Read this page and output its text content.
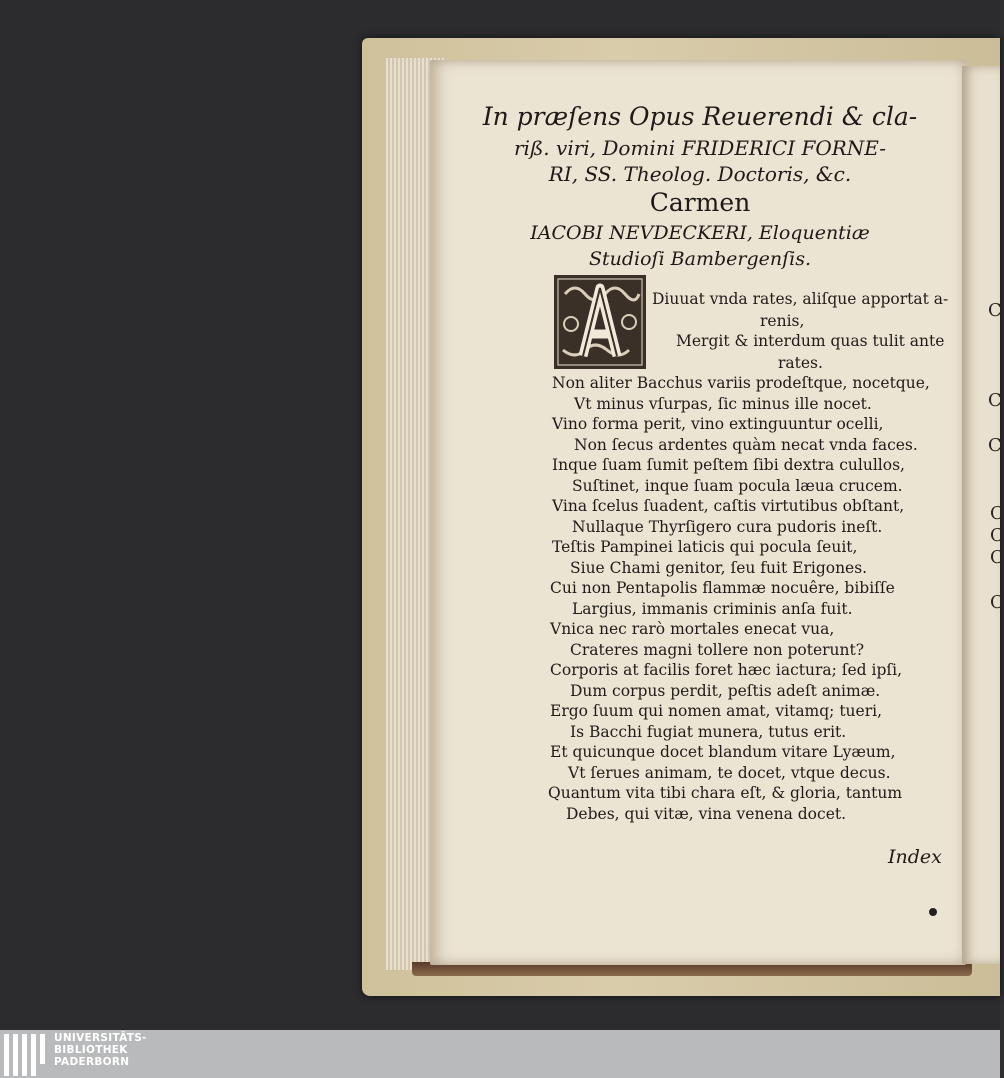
C
C
C
C
C
C
C
In præſens Opus Reuerendi & cla-
riß. viri, Domini FRIDERICI FORNE-
RI, SS. Theolog. Doctoris, &c.
Carmen
IACOBI NEVDECKERI, Eloquentiæ
Studioſi Bambergenſis.
Diuuat vnda rates, aliſque apportat a-
renis,
Mergit & interdum quas tulit ante
rates.
Non aliter Bacchus variis prodeſtque, nocetque,
Vt minus vſurpas, ſic minus ille nocet.
Vino forma perit, vino extinguuntur ocelli,
Non ſecus ardentes quàm necat vnda faces.
Inque ſuam ſumit peſtem ſibi dextra culullos,
Suſtinet, inque ſuam pocula læua crucem.
Vina ſcelus ſuadent, caſtis virtutibus obſtant,
Nullaque Thyrſigero cura pudoris ineſt.
Teſtis Pampinei laticis qui pocula ſeuit,
Siue Chami genitor, ſeu fuit Erigones.
Cui non Pentapolis flammæ nocuêre, bibiſſe
Largius, immanis criminis anſa fuit.
Vnica nec rarò mortales enecat vua,
Crateres magni tollere non poterunt?
Corporis at facilis foret hæc iactura; ſed ipſi,
Dum corpus perdit, peſtis adeſt animæ.
Ergo ſuum qui nomen amat, vitamq; tueri,
Is Bacchi fugiat munera, tutus erit.
Et quicunque docet blandum vitare Lyæum,
Vt ſerues animam, te docet, vtque decus.
Quantum vita tibi chara eſt, & gloria, tantum
Debes, qui vitæ, vina venena docet.
Index
UNIVERSITÄTS-
BIBLIOTHEK
PADERBORN
